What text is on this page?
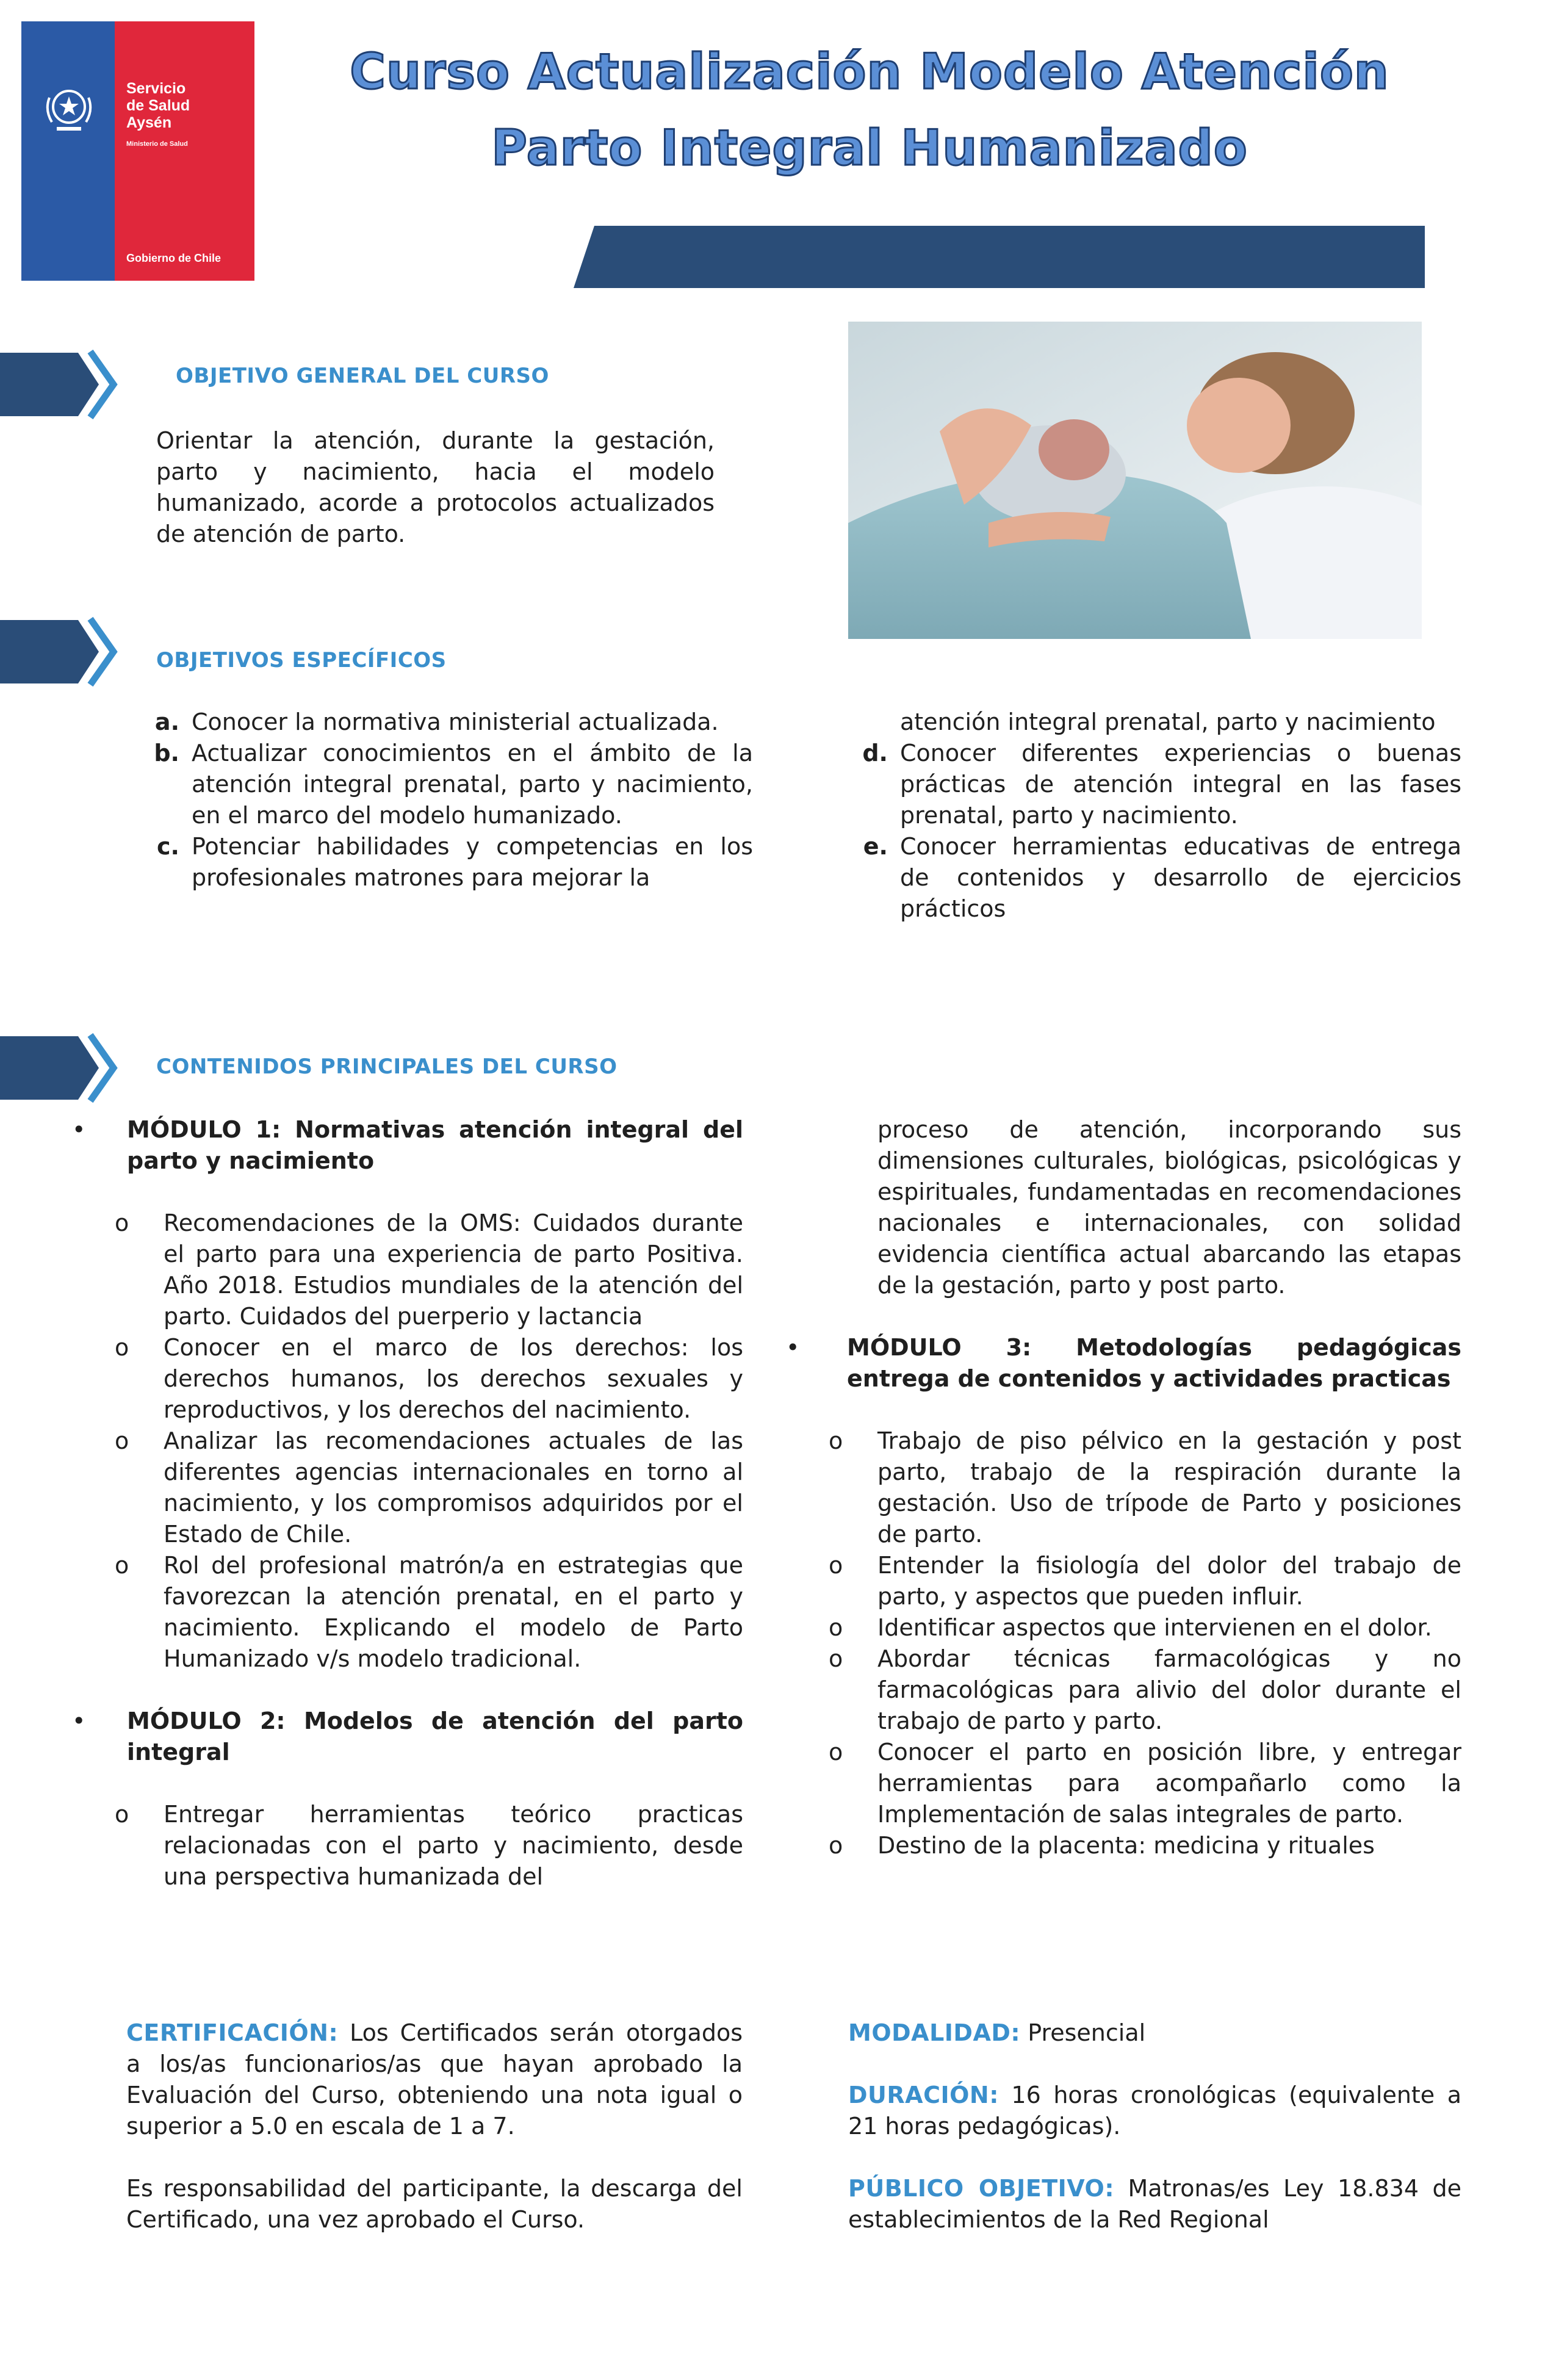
Servicio
de Salud
Aysén
Ministerio de Salud
Gobierno de Chile
Curso Actualización Modelo Atención
Parto Integral Humanizado
OBJETIVO GENERAL DEL CURSO
Orientar la atención, durante la gestación, parto y nacimiento, hacia el modelo humanizado, acorde a protocolos actualizados de atención de parto.
OBJETIVOS ESPECÍFICOS
a. Conocer la normativa ministerial actualizada.
b. Actualizar conocimientos en el ámbito de la atención integral prenatal, parto y nacimiento, en el marco del modelo humanizado.
c. Potenciar habilidades y competencias en los profesionales matrones para mejorar la
atención integral prenatal, parto y nacimiento
d. Conocer diferentes experiencias o buenas prácticas de atención integral en las fases prenatal, parto y nacimiento.
e. Conocer herramientas educativas de entrega de contenidos y desarrollo de ejercicios prácticos
CONTENIDOS PRINCIPALES DEL CURSO
• MÓDULO 1: Normativas atención integral del parto y nacimiento
o Recomendaciones de la OMS: Cuidados durante el parto para una experiencia de parto Positiva. Año 2018. Estudios mundiales de la atención del parto. Cuidados del puerperio y lactancia
o Conocer en el marco de los derechos: los derechos humanos, los derechos sexuales y reproductivos, y los derechos del nacimiento.
o Analizar las recomendaciones actuales de las diferentes agencias internacionales en torno al nacimiento, y los compromisos adquiridos por el Estado de Chile.
o Rol del profesional matrón/a en estrategias que favorezcan la atención prenatal, en el parto y nacimiento. Explicando el modelo de Parto Humanizado v/s modelo tradicional.
• MÓDULO 2: Modelos de atención del parto integral
o Entregar herramientas teórico practicas relacionadas con el parto y nacimiento, desde una perspectiva humanizada del
proceso de atención, incorporando sus dimensiones culturales, biológicas, psicológicas y espirituales, fundamentadas en recomendaciones nacionales e internacionales, con solidad evidencia científica actual abarcando las etapas de la gestación, parto y post parto.
• MÓDULO 3: Metodologías pedagógicas entrega de contenidos y actividades practicas
o Trabajo de piso pélvico en la gestación y post parto, trabajo de la respiración durante la gestación. Uso de trípode de Parto y posiciones de parto.
o Entender la fisiología del dolor del trabajo de parto, y aspectos que pueden influir.
o Identificar aspectos que intervienen en el dolor.
o Abordar técnicas farmacológicas y no farmacológicas para alivio del dolor durante el trabajo de parto y parto.
o Conocer el parto en posición libre, y entregar herramientas para acompañarlo como la Implementación de salas integrales de parto.
o Destino de la placenta: medicina y rituales

CERTIFICACIÓN: Los Certificados serán otorgados a los/as funcionarios/as que hayan aprobado la Evaluación del Curso, obteniendo una nota igual o superior a 5.0 en escala de 1 a 7.

Es responsabilidad del participante, la descarga del Certificado, una vez aprobado el Curso.

MODALIDAD: Presencial

DURACIÓN: 16 horas cronológicas (equivalente a 21 horas pedagógicas).

PÚBLICO OBJETIVO: Matronas/es Ley 18.834 de establecimientos de la Red Regional
